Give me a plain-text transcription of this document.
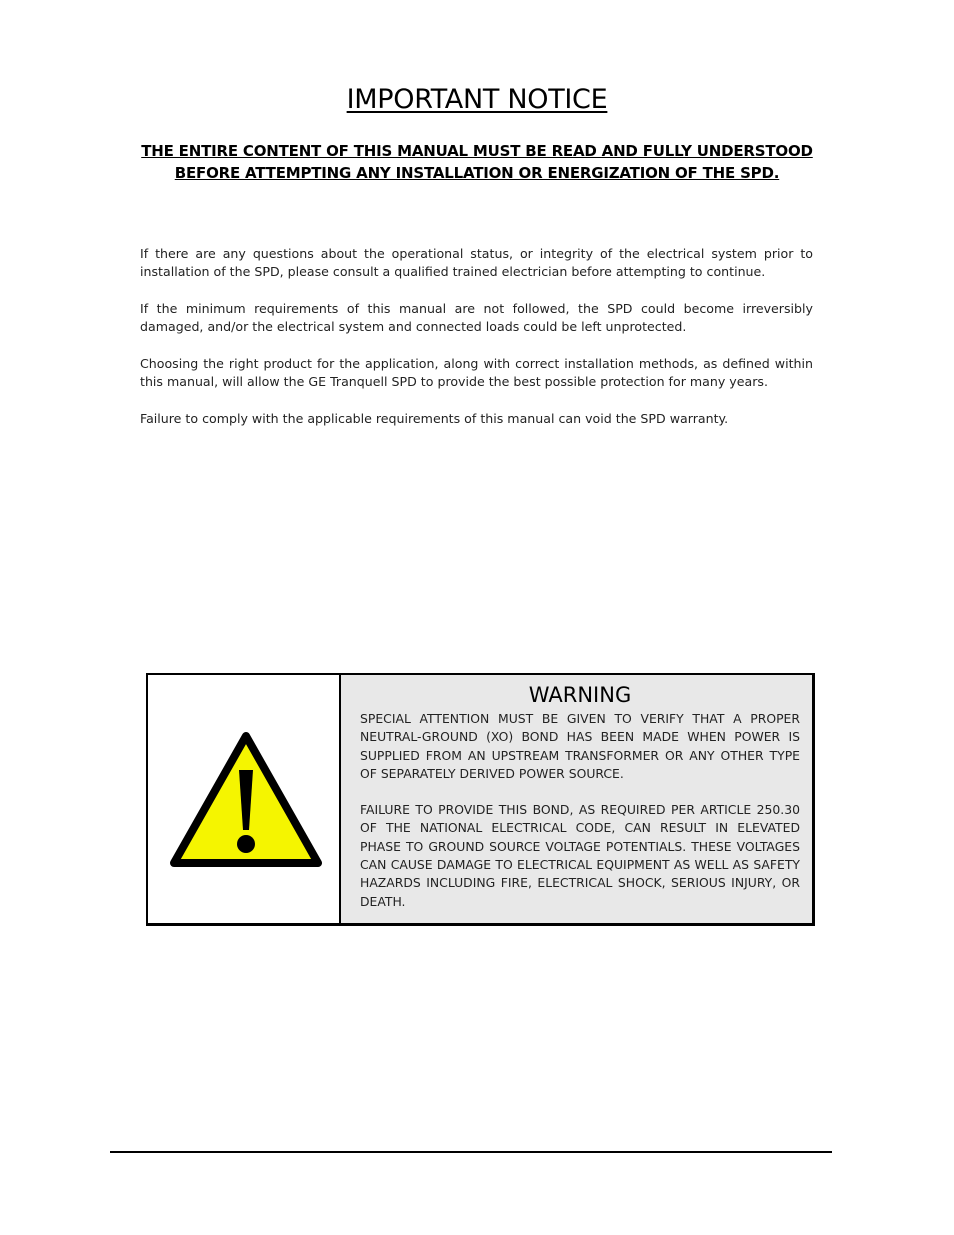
IMPORTANT NOTICE
THE ENTIRE CONTENT OF THIS MANUAL MUST BE READ AND FULLY UNDERSTOOD
BEFORE ATTEMPTING ANY INSTALLATION OR ENERGIZATION OF THE SPD.

If there are any questions about the operational status, or integrity of the electrical system prior to installation of the SPD, please consult a qualified trained electrician before attempting to continue.

If the minimum requirements of this manual are not followed, the SPD could become irreversibly damaged, and/or the electrical system and connected loads could be left unprotected.

Choosing the right product for the application, along with correct installation methods, as defined within this manual, will allow the GE Tranquell SPD to provide the best possible protection for many years.

Failure to comply with the applicable requirements of this manual can void the SPD warranty.

WARNING

SPECIAL ATTENTION MUST BE GIVEN TO VERIFY THAT A PROPER NEUTRAL-GROUND (XO) BOND HAS BEEN MADE WHEN POWER IS SUPPLIED FROM AN UPSTREAM TRANSFORMER OR ANY OTHER TYPE OF SEPARATELY DERIVED POWER SOURCE.

FAILURE TO PROVIDE THIS BOND, AS REQUIRED PER ARTICLE 250.30 OF THE NATIONAL ELECTRICAL CODE, CAN RESULT IN ELEVATED PHASE TO GROUND SOURCE VOLTAGE POTENTIALS. THESE VOLTAGES CAN CAUSE DAMAGE TO ELECTRICAL EQUIPMENT AS WELL AS SAFETY HAZARDS INCLUDING FIRE, ELECTRICAL SHOCK, SERIOUS INJURY, OR DEATH.
